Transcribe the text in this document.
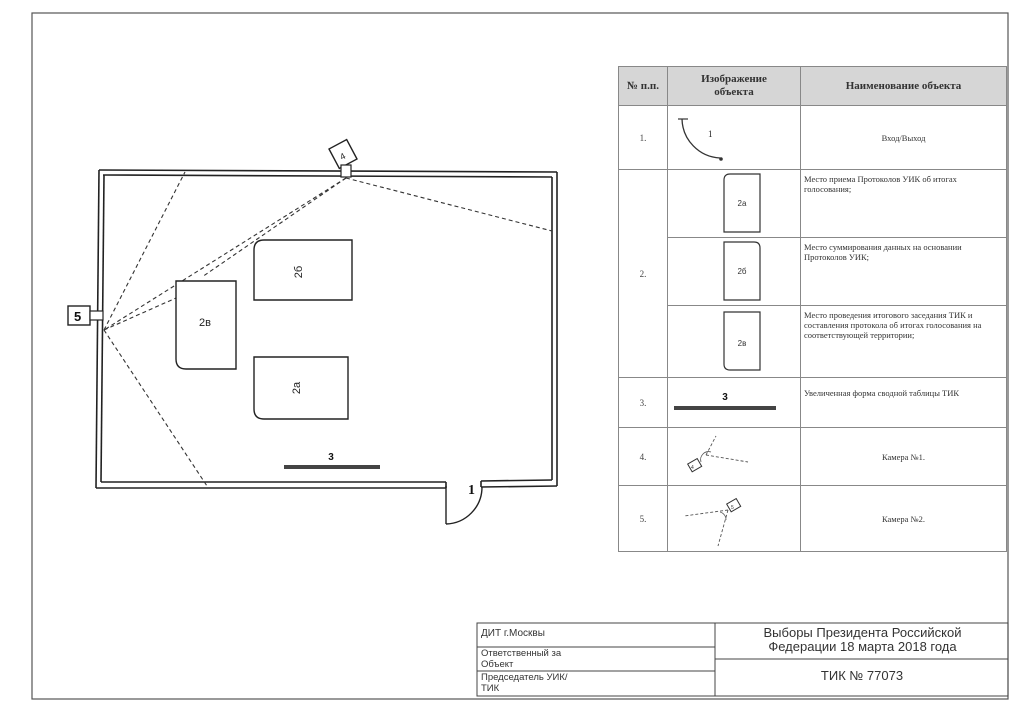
1
4
5
2б
2в
2а
3
ДИТ г.Москвы
Ответственный за Объект
Председатель УИК/ТИК
Выборы Президента Российской Федерации 18 марта 2018 года
ТИК № 77073
№ п.п.	Изображение объекта	Наименование объекта
1.	1	Вход/Выход
2.	2а	Место приема Протоколов УИК об итогах голосования;

2б	Место суммирования данных на основании Протоколов УИК;

2в	Место проведения итогового заседания ТИК и составления протокола об итогах голосования на соответствующей территории;
3.	3	Увеличенная форма сводной таблицы ТИК
4.	4	Камера №1.
5.	5	Камера №2.
